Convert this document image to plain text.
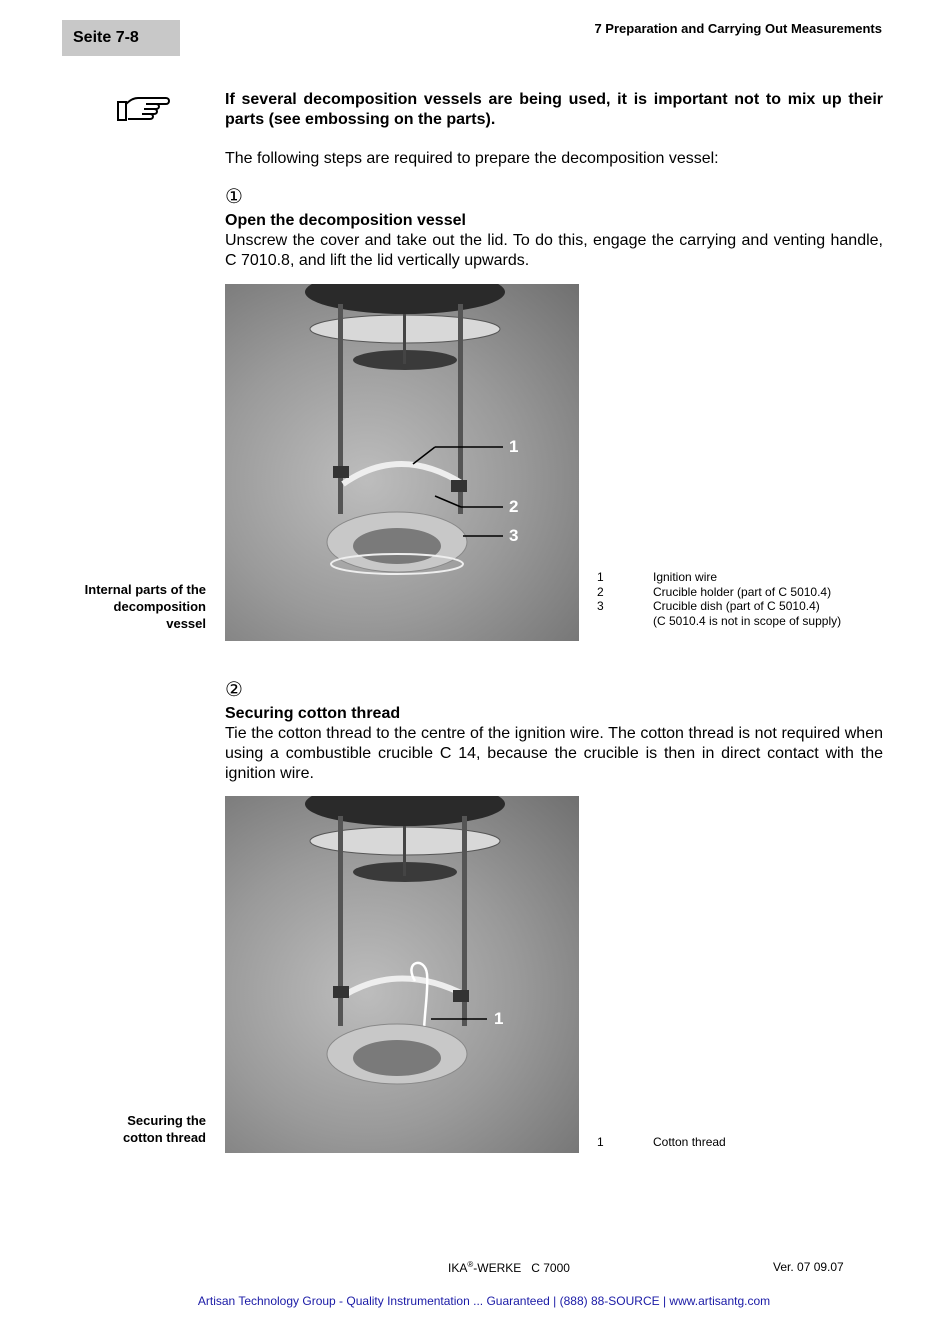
Seite 7-8
7 Preparation and Carrying Out Measurements
If several decomposition vessels are being used, it is important not to mix up their parts (see embossing on the parts).
The following steps are required to prepare the decomposition vessel:
①
Open the decomposition vessel
Unscrew the cover and take out the lid. To do this, engage the carrying and venting handle, C 7010.8, and lift the lid vertically upwards.
1
2
3
Internal parts of the
decomposition
vessel
1	Ignition wire
2	Crucible holder (part of C 5010.4)
3	Crucible dish (part of C 5010.4)
(C 5010.4 is not in scope of supply)
②
Securing cotton thread
Tie the cotton thread to the centre of the ignition wire. The cotton thread is not required when using a combustible crucible C 14, because the crucible is then in direct contact with the ignition wire.
1
Securing the
cotton thread	1	Cotton thread
IKA®-WERKE   C 7000	Ver. 07 09.07
Artisan Technology Group - Quality Instrumentation ... Guaranteed | (888) 88-SOURCE | www.artisantg.com
